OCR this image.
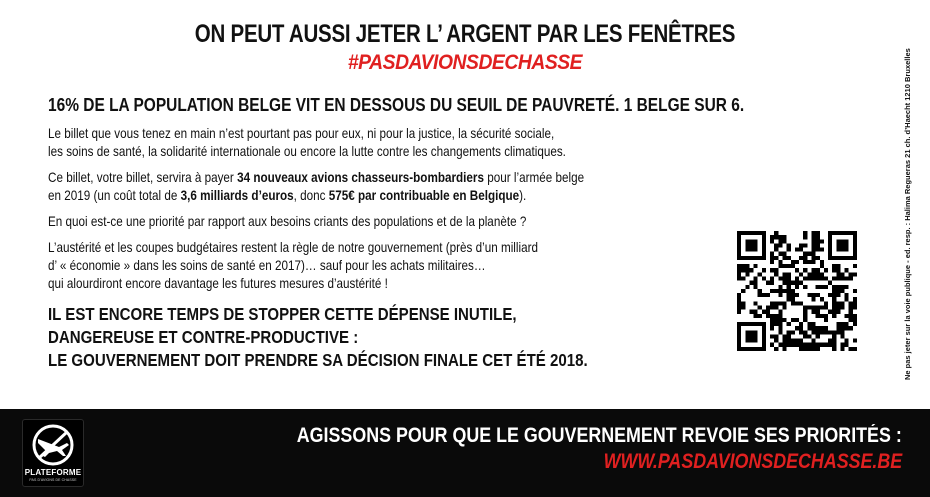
ON PEUT AUSSI JETER L’ ARGENT PAR LES FENÊTRES
#PASDAVIONSDECHASSE
16% DE LA POPULATION BELGE VIT EN DESSOUS DU SEUIL DE PAUVRETÉ. 1 BELGE SUR 6.
Le billet que vous tenez en main n’est pourtant pas pour eux, ni pour la justice, la sécurité sociale,
les soins de santé, la solidarité internationale ou encore la lutte contre les changements climatiques.
Ce billet, votre billet, servira à payer 34 nouveaux avions chasseurs-bombardiers pour l’armée belge
en 2019 (un coût total de 3,6 milliards d’euros, donc 575€ par contribuable en Belgique).
En quoi est-ce une priorité par rapport aux besoins criants des populations et de la planète ?
L’austérité et les coupes budgétaires restent la règle de notre gouvernement (près d’un milliard
d’ « économie » dans les soins de santé en 2017)… sauf pour les achats militaires…
qui alourdiront encore davantage les futures mesures d’austérité !
IL EST ENCORE TEMPS DE STOPPER CETTE DÉPENSE INUTILE,
DANGEREUSE ET CONTRE-PRODUCTIVE :
LE GOUVERNEMENT DOIT PRENDRE SA DÉCISION FINALE CET ÉTÉ 2018.	Ne pas jeter sur la voie publique - ed. resp. : Halima Regueras 21 ch. d’Haecht 1210 Bruxelles
PLATEFORME
PAS D'AVIONS DE CHASSE
AGISSONS POUR QUE LE GOUVERNEMENT REVOIE SES PRIORITÉS :
WWW.PASDAVIONSDECHASSE.BE
